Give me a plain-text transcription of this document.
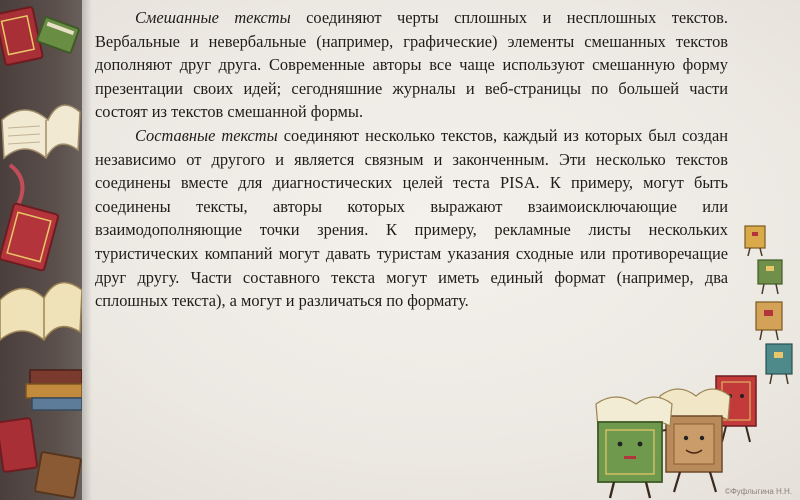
Смешанные тексты соединяют черты сплошных и несплошных текстов. Вербальные и невербальные (например, графические) элементы смешанных текстов дополняют друг друга. Современные авторы все чаще используют смешанную форму презентации своих идей; сегодняшние журналы и веб-страницы по большей части состоят из текстов смешанной формы.

Составные тексты соединяют несколько текстов, каждый из которых был создан независимо от другого и является связным и законченным. Эти несколько текстов соединены вместе для диагностических целей теста PISA. К примеру, могут быть соединены тексты, авторы которых выражают взаимоисключающие или взаимодополняющие точки зрения. К примеру, рекламные листы нескольких туристических компаний могут давать туристам указания сходные или противоречащие друг другу. Части составного текста могут иметь единый формат (например, два сплошных текста), а могут и различаться по формату.

©Фуфлыгина Н.Н.
